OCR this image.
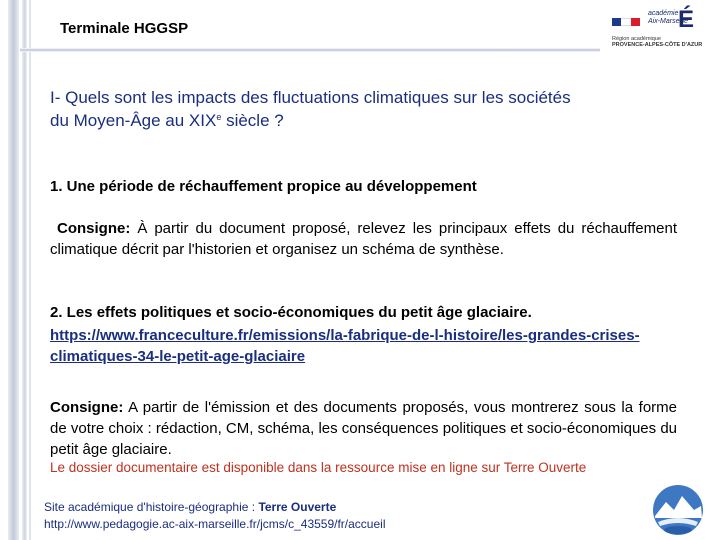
Terminale HGGSP
académie
Aix-Marseille
É
Région académique
PROVENCE-ALPES-CÔTE D'AZUR
I- Quels sont les impacts des fluctuations climatiques sur les sociétés
du Moyen-Âge au XIXe siècle ?
1. Une période de réchauffement propice au développement
Consigne: À partir du document proposé, relevez les principaux effets du réchauffement climatique décrit par l'historien et organisez un schéma de synthèse.
2. Les effets politiques et socio-économiques du petit âge glaciaire.
https://www.franceculture.fr/emissions/la-fabrique-de-l-histoire/les-grandes-crises-climatiques-34-le-petit-age-glaciaire
Consigne: A partir de l'émission et des documents proposés, vous montrerez sous la forme de votre choix : rédaction, CM, schéma, les conséquences politiques et socio-économiques du petit âge glaciaire.
Le dossier documentaire est disponible dans la ressource mise en ligne sur Terre Ouverte
Site académique d'histoire-géographie : Terre Ouverte
http://www.pedagogie.ac-aix-marseille.fr/jcms/c_43559/fr/accueil
